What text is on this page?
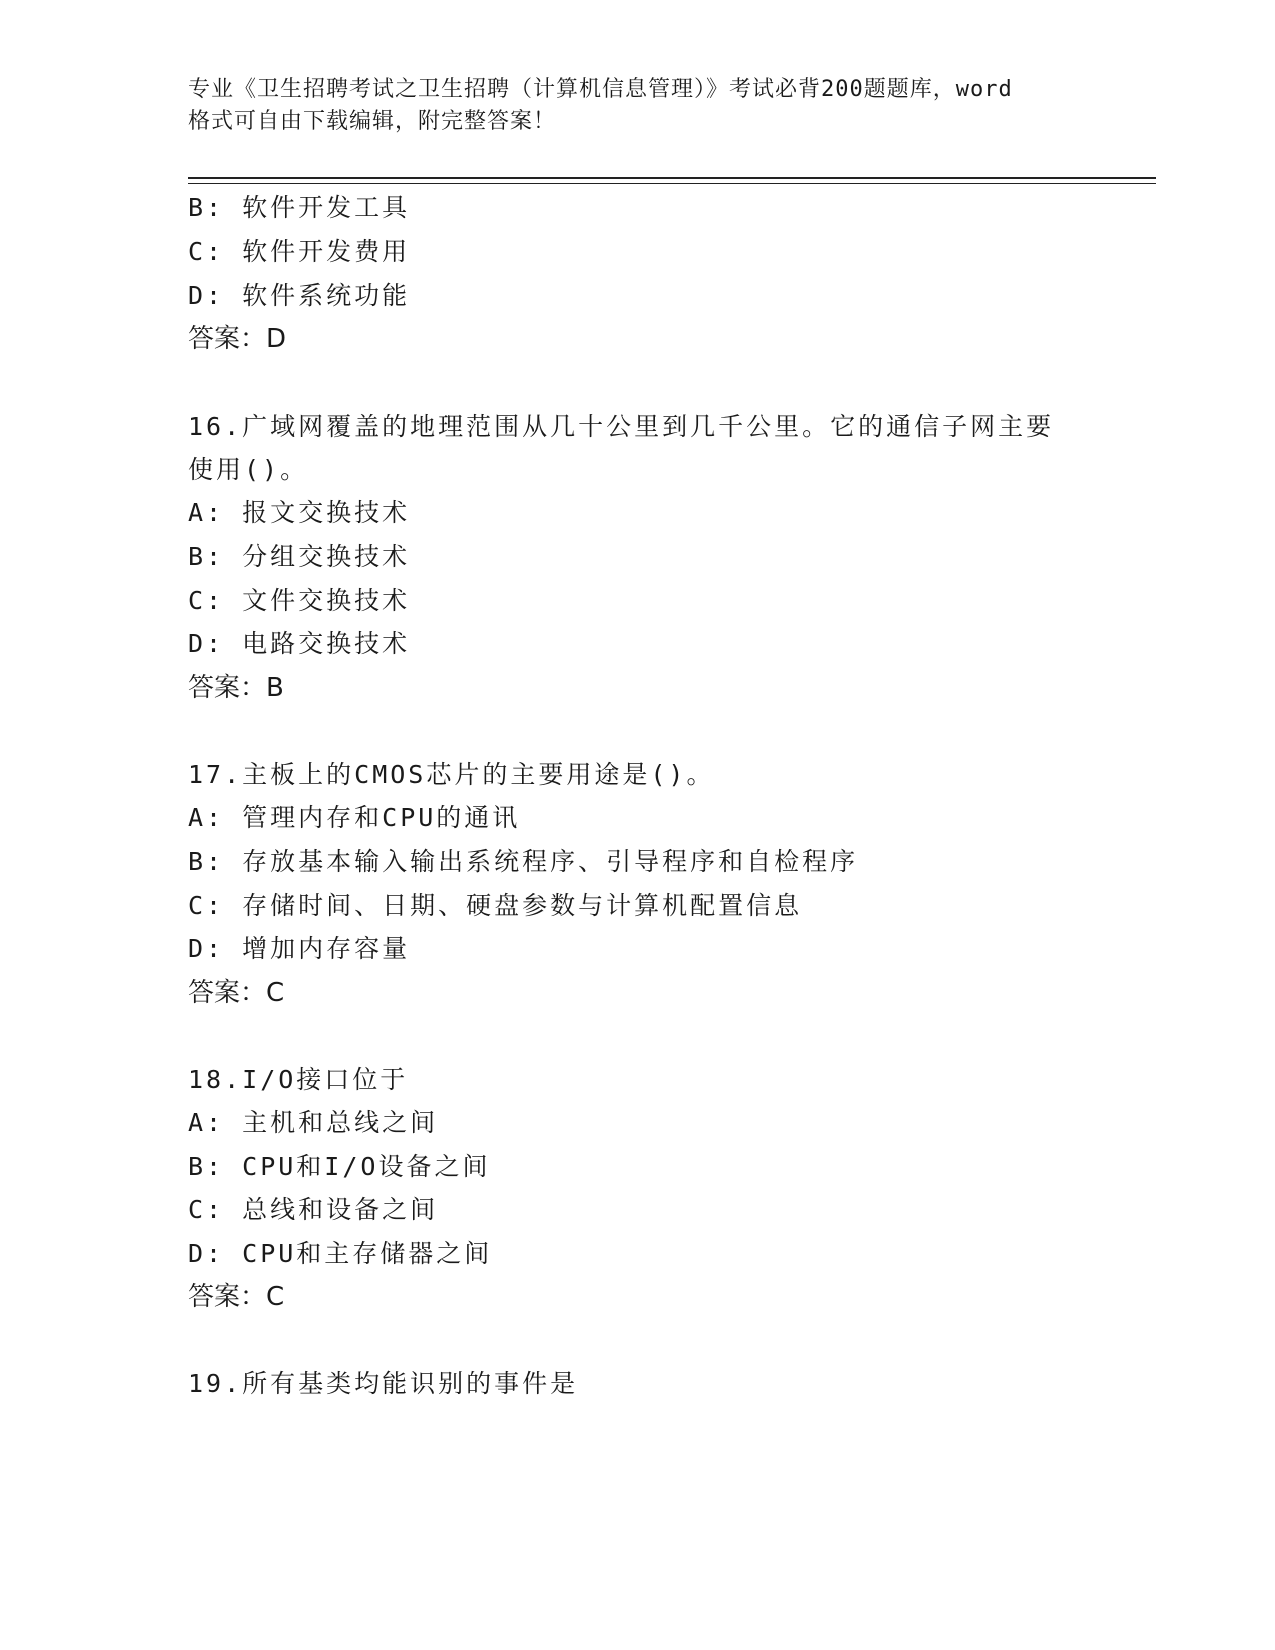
专业《卫生招聘考试之卫生招聘（计算机信息管理）》考试必背200题题库，word
格式可自由下载编辑，附完整答案！
B: 软件开发工具
C: 软件开发费用
D: 软件系统功能
答案：D
16.广域网覆盖的地理范围从几十公里到几千公里。它的通信子网主要
使用()。
A: 报文交换技术
B: 分组交换技术
C: 文件交换技术
D: 电路交换技术
答案：B
17.主板上的CMOS芯片的主要用途是()。
A: 管理内存和CPU的通讯
B: 存放基本输入输出系统程序、引导程序和自检程序
C: 存储时间、日期、硬盘参数与计算机配置信息
D: 增加内存容量
答案：C
18.I/O接口位于
A: 主机和总线之间
B: CPU和I/O设备之间
C: 总线和设备之间
D: CPU和主存储器之间
答案：C
19.所有基类均能识别的事件是
